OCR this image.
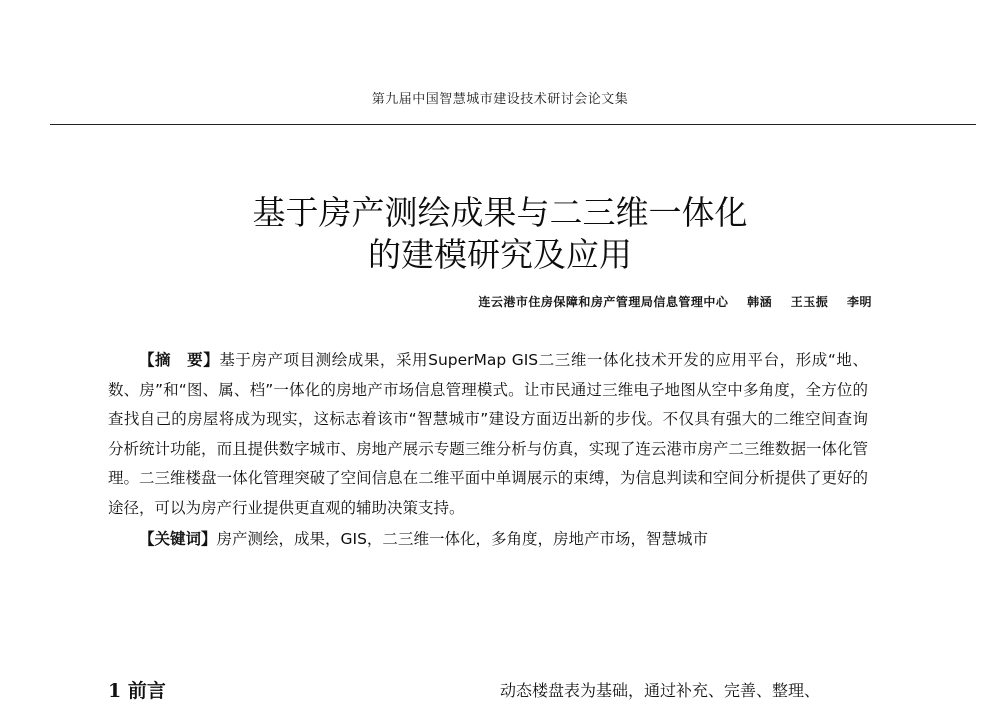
第九届中国智慧城市建设技术研讨会论文集
基于房产测绘成果与二三维一体化
的建模研究及应用
连云港市住房保障和房产管理局信息管理中心 韩涵 王玉振 李明

【摘　要】基于房产项目测绘成果，采用SuperMap GIS二三维一体化技术开发的应用平台，形成“地、数、房”和“图、属、档”一体化的房地产市场信息管理模式。让市民通过三维电子地图从空中多角度，全方位的查找自己的房屋将成为现实，这标志着该市“智慧城市”建设方面迈出新的步伐。不仅具有强大的二维空间查询分析统计功能，而且提供数字城市、房地产展示专题三维分析与仿真，实现了连云港市房产二三维数据一体化管理。二三维楼盘一体化管理突破了空间信息在二维平面中单调展示的束缚，为信息判读和空间分析提供了更好的途径，可以为房产行业提供更直观的辅助决策支持。

【关键词】房产测绘，成果，GIS，二三维一体化，多角度，房地产市场，智慧城市

1 前言	动态楼盘表为基础，通过补充、完善、整理、
